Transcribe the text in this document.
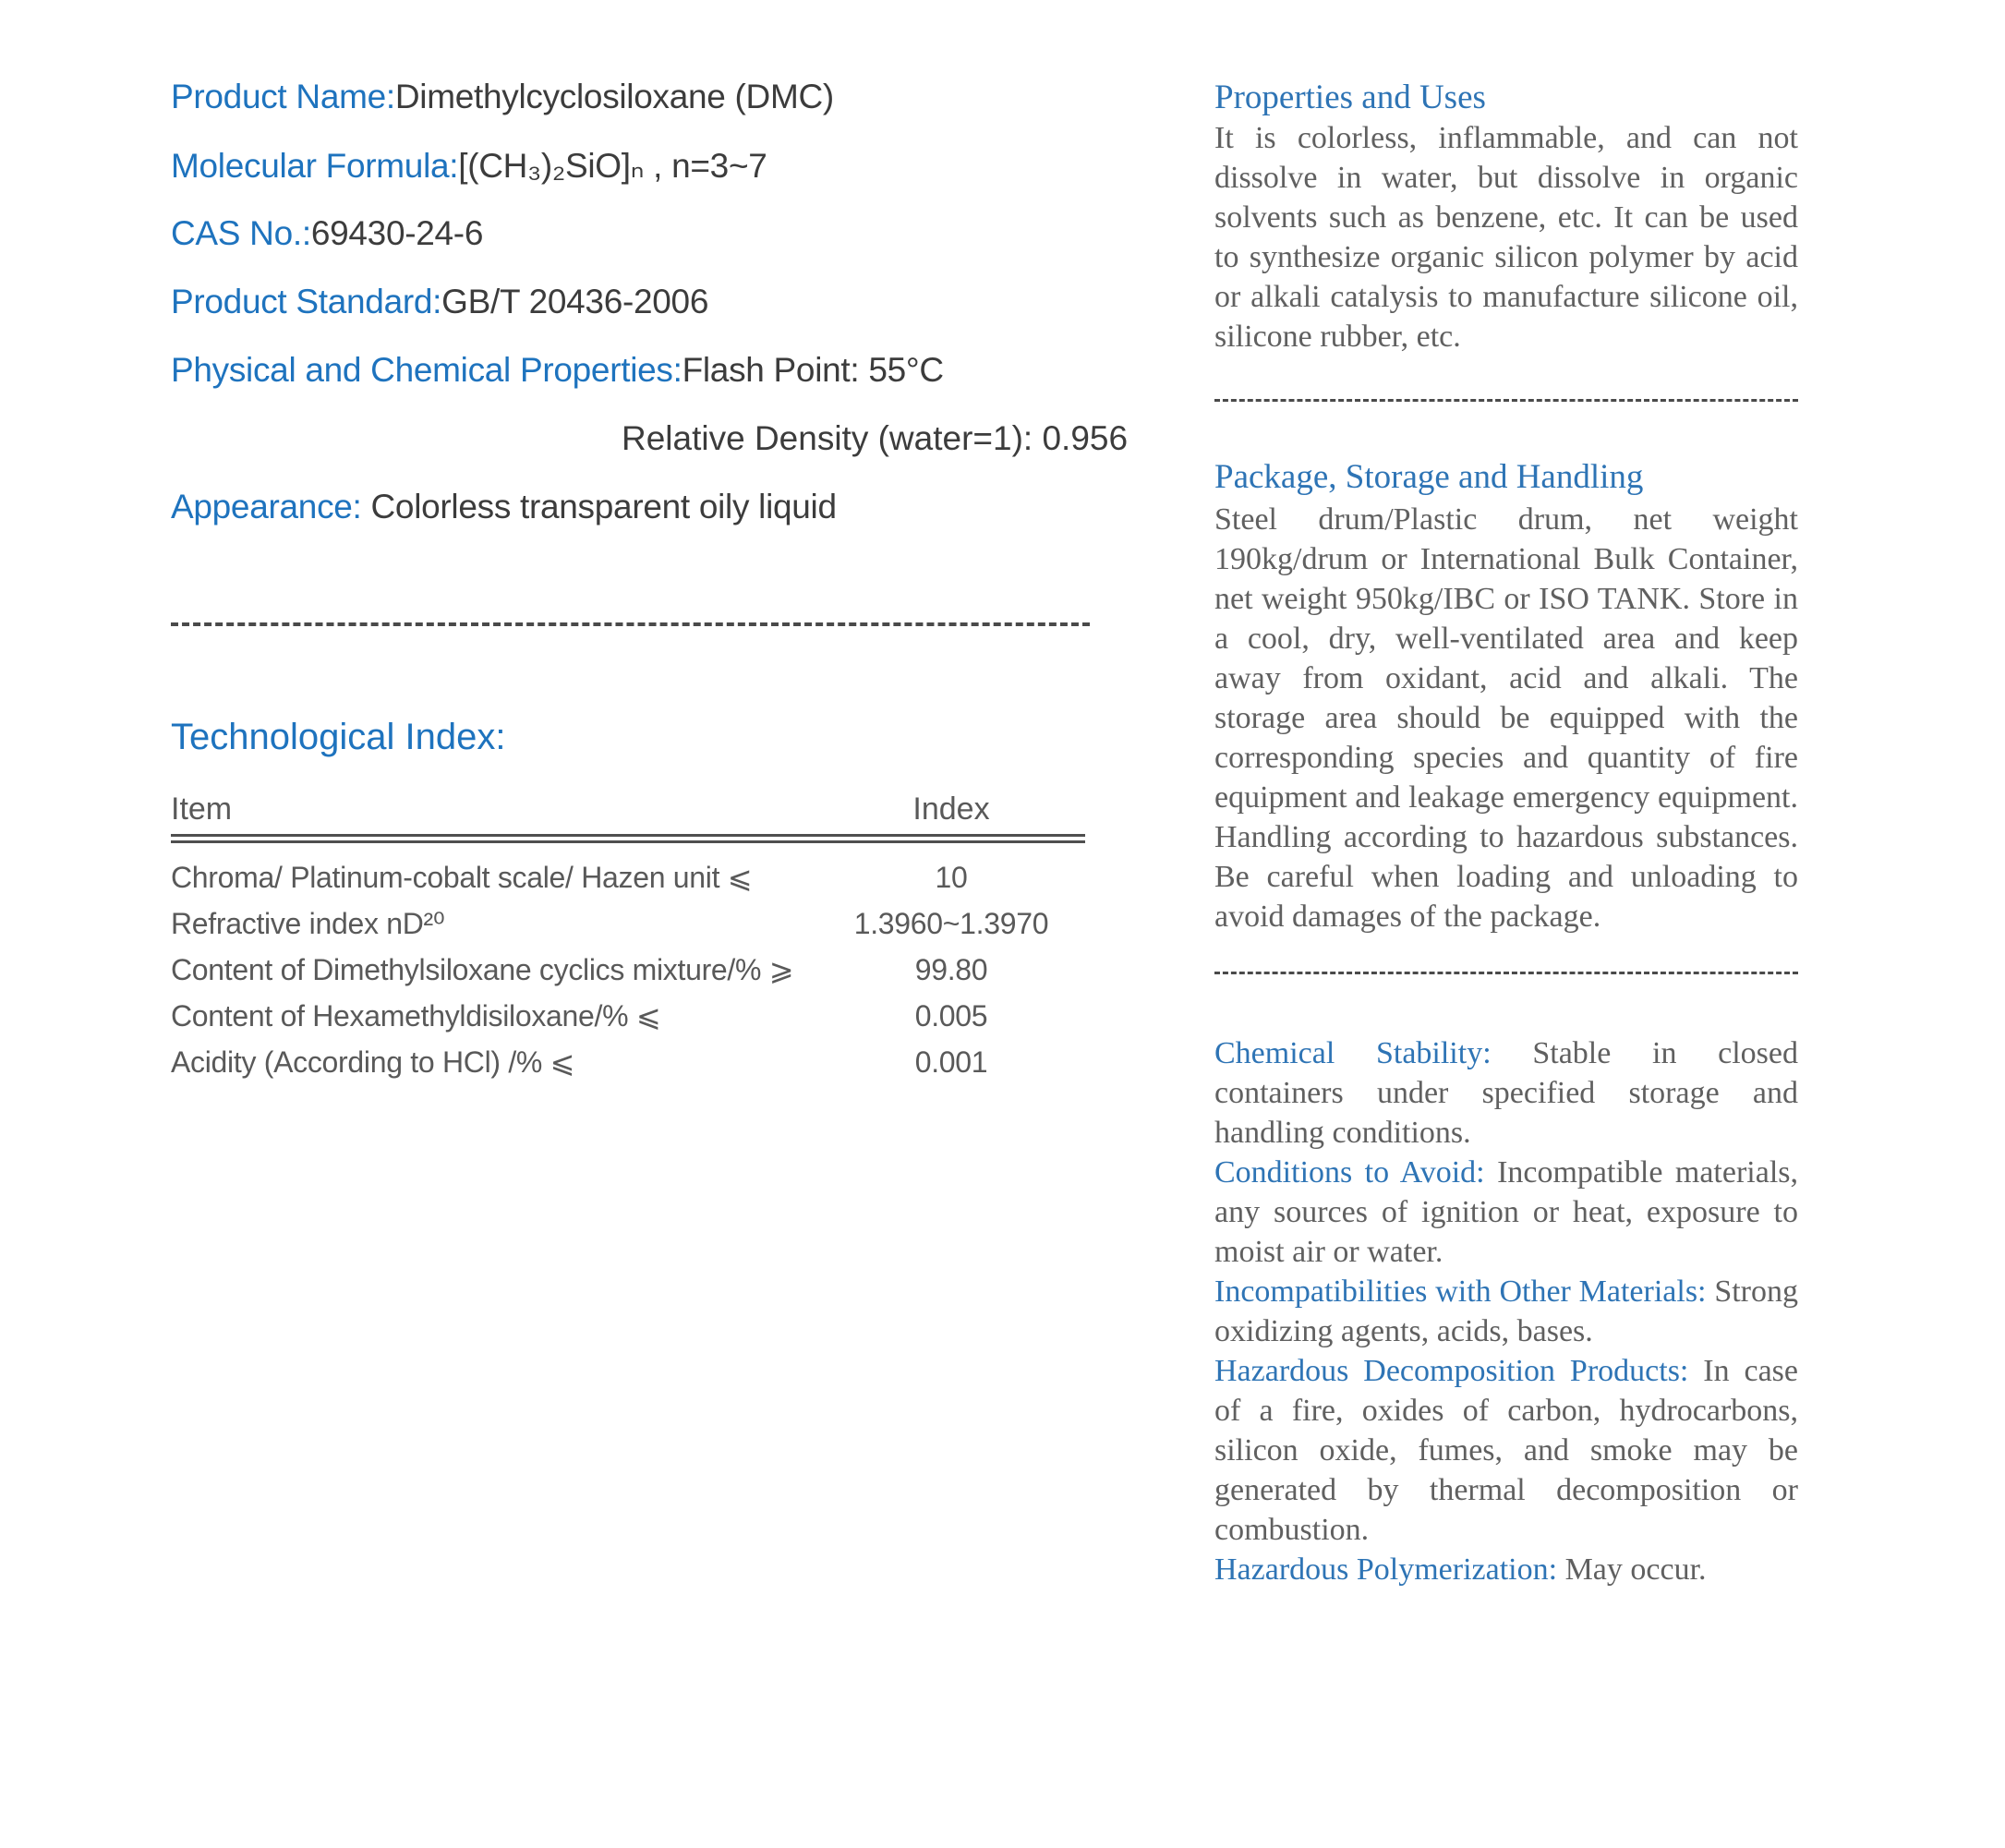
Product Name:Dimethylcyclosiloxane (DMC)
Molecular Formula:[(CH₃)₂SiO]ₙ , n=3~7
CAS No.:69430-24-6
Product Standard:GB/T 20436-2006
Physical and Chemical Properties:Flash Point: 55°C
Relative Density (water=1): 0.956
Appearance: Colorless transparent oily liquid
Technological Index:
Item	Index
Chroma/ Platinum-cobalt scale/ Hazen unit ⩽	10
Refractive index nD²⁰	1.3960~1.3970
Content of Dimethylsiloxane cyclics mixture/% ⩾	99.80
Content of Hexamethyldisiloxane/% ⩽	0.005
Acidity (According to HCl) /% ⩽	0.001
Properties and Uses

It is colorless, inflammable, and can not dissolve in water, but dissolve in organic solvents such as benzene, etc. It can be used to synthesize organic silicon polymer by acid or alkali catalysis to manufacture silicone oil, silicone rubber, etc.

Package, Storage and Handling

Steel drum/Plastic drum, net weight 190kg/drum or International Bulk Container, net weight 950kg/IBC or ISO TANK. Store in a cool, dry, well-ventilated area and keep away from oxidant, acid and alkali. The storage area should be equipped with the corresponding species and quantity of fire equipment and leakage emergency equipment. Handling according to hazardous substances. Be careful when loading and unloading to avoid damages of the package.

Chemical Stability: Stable in closed containers under specified storage and handling conditions.

Conditions to Avoid: Incompatible materials, any sources of ignition or heat, exposure to moist air or water.

Incompatibilities with Other Materials: Strong oxidizing agents, acids, bases.

Hazardous Decomposition Products: In case of a fire, oxides of carbon, hydrocarbons, silicon oxide, fumes, and smoke may be generated by thermal decomposition or combustion.

Hazardous Polymerization: May occur.
